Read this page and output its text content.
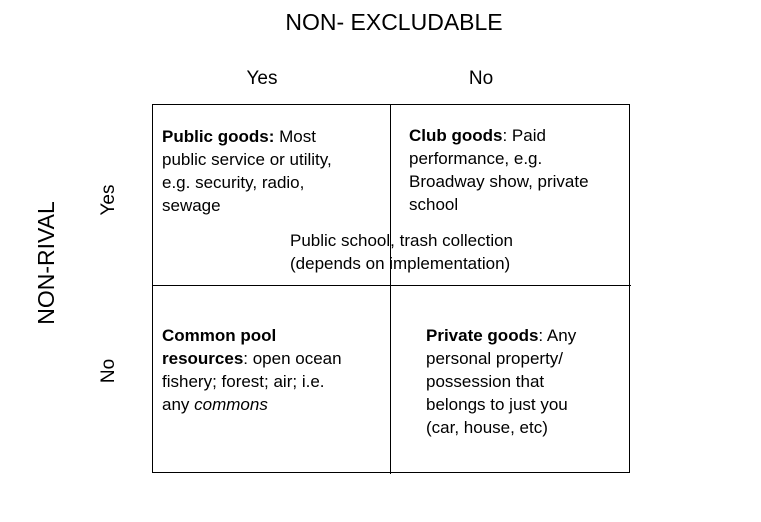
NON- EXCLUDABLE
Yes	No
NON-RIVAL
Yes
No
Public goods: Most
public service or utility,
e.g. security, radio,
sewage
Club goods: Paid
performance, e.g.
Broadway show, private
school
Public school, trash collection
(depends on implementation)
Common pool
resources: open ocean
fishery; forest; air; i.e.
any commons
Private goods: Any
personal property/
possession that
belongs to just you
(car, house, etc)
